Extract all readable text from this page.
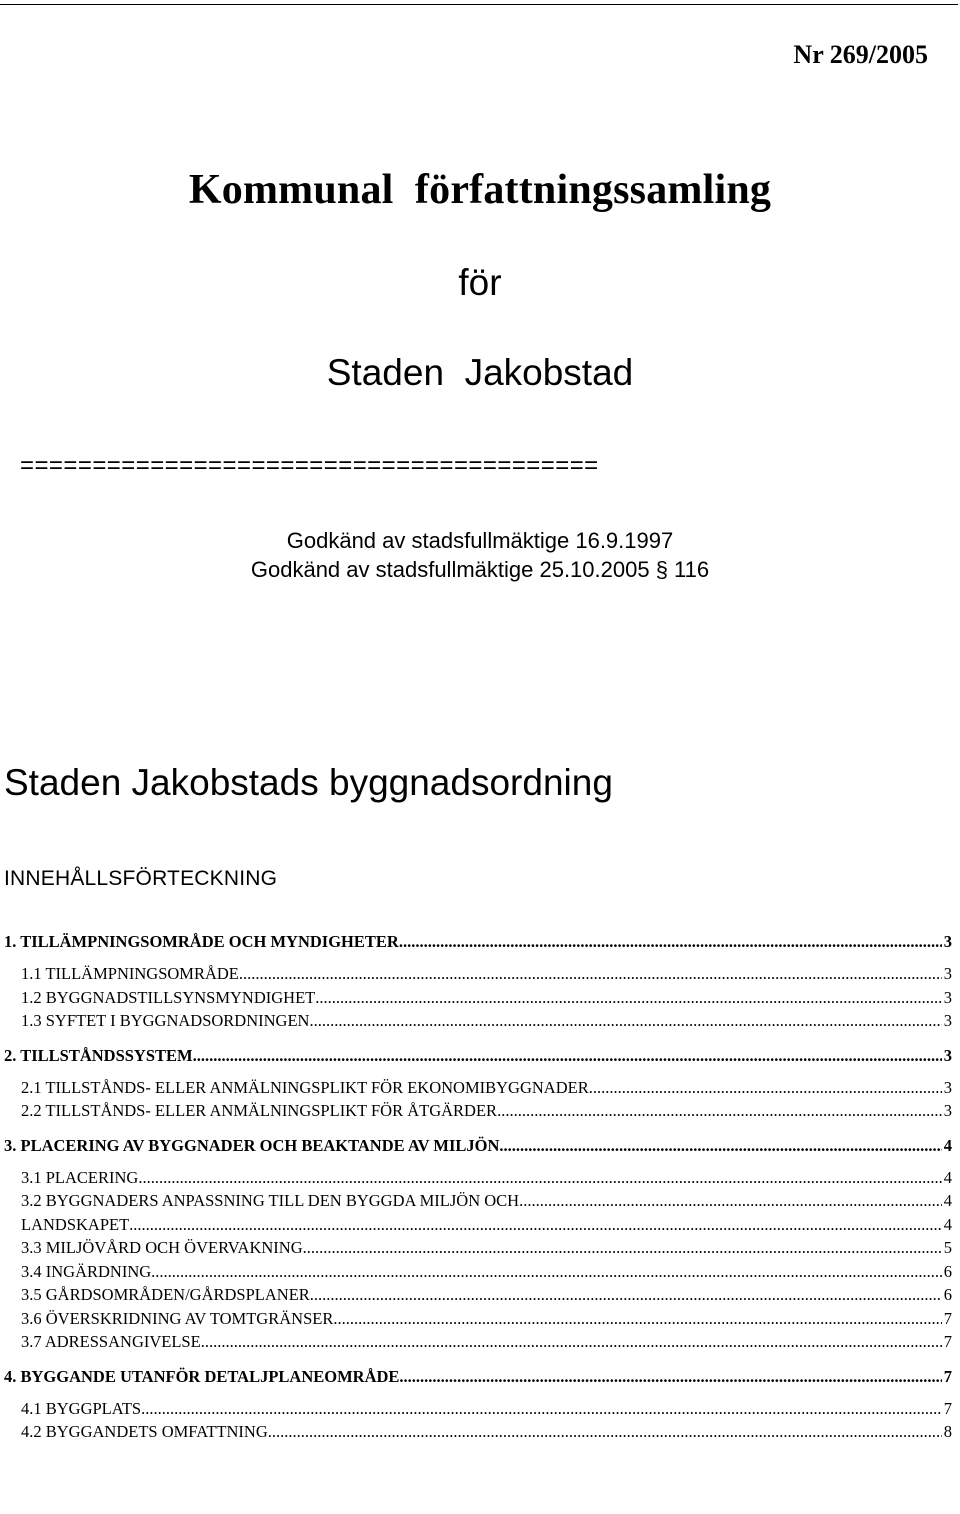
Nr 269/2005
Kommunal  författningssamling
för
Staden  Jakobstad
========================================
Godkänd av stadsfullmäktige 16.9.1997
Godkänd av stadsfullmäktige 25.10.2005 § 116
Staden Jakobstads byggnadsordning
INNEHÅLLSFÖRTECKNING
1. TILLÄMPNINGSOMRÅDE OCH MYNDIGHETER .....	3
1.1 TILLÄMPNINGSOMRÅDE .....	3
1.2 BYGGNADSTILLSYNSMYNDIGHET .....	3
1.3 SYFTET I BYGGNADSORDNINGEN .....	3
2. TILLSTÅNDSSYSTEM .....	3
2.1 TILLSTÅNDS- ELLER ANMÄLNINGSPLIKT FÖR EKONOMIBYGGNADER .....	3
2.2 TILLSTÅNDS- ELLER ANMÄLNINGSPLIKT FÖR ÅTGÄRDER .....	3
3. PLACERING AV BYGGNADER OCH BEAKTANDE AV MILJÖN .....	4
3.1 PLACERING .....	4
3.2 BYGGNADERS ANPASSNING TILL DEN BYGGDA MILJÖN OCH .....	4
LANDSKAPET .....	4
3.3 MILJÖVÅRD OCH ÖVERVAKNING .....	5
3.4 INGÄRDNING .....	6
3.5 GÅRDSOMRÅDEN/GÅRDSPLANER .....	6
3.6 ÖVERSKRIDNING AV TOMTGRÄNSER .....	7
3.7 ADRESSANGIVELSE .....	7
4. BYGGANDE UTANFÖR DETALJPLANEOMRÅDE .....	7
4.1 BYGGPLATS .....	7
4.2 BYGGANDETS OMFATTNING .....	8
